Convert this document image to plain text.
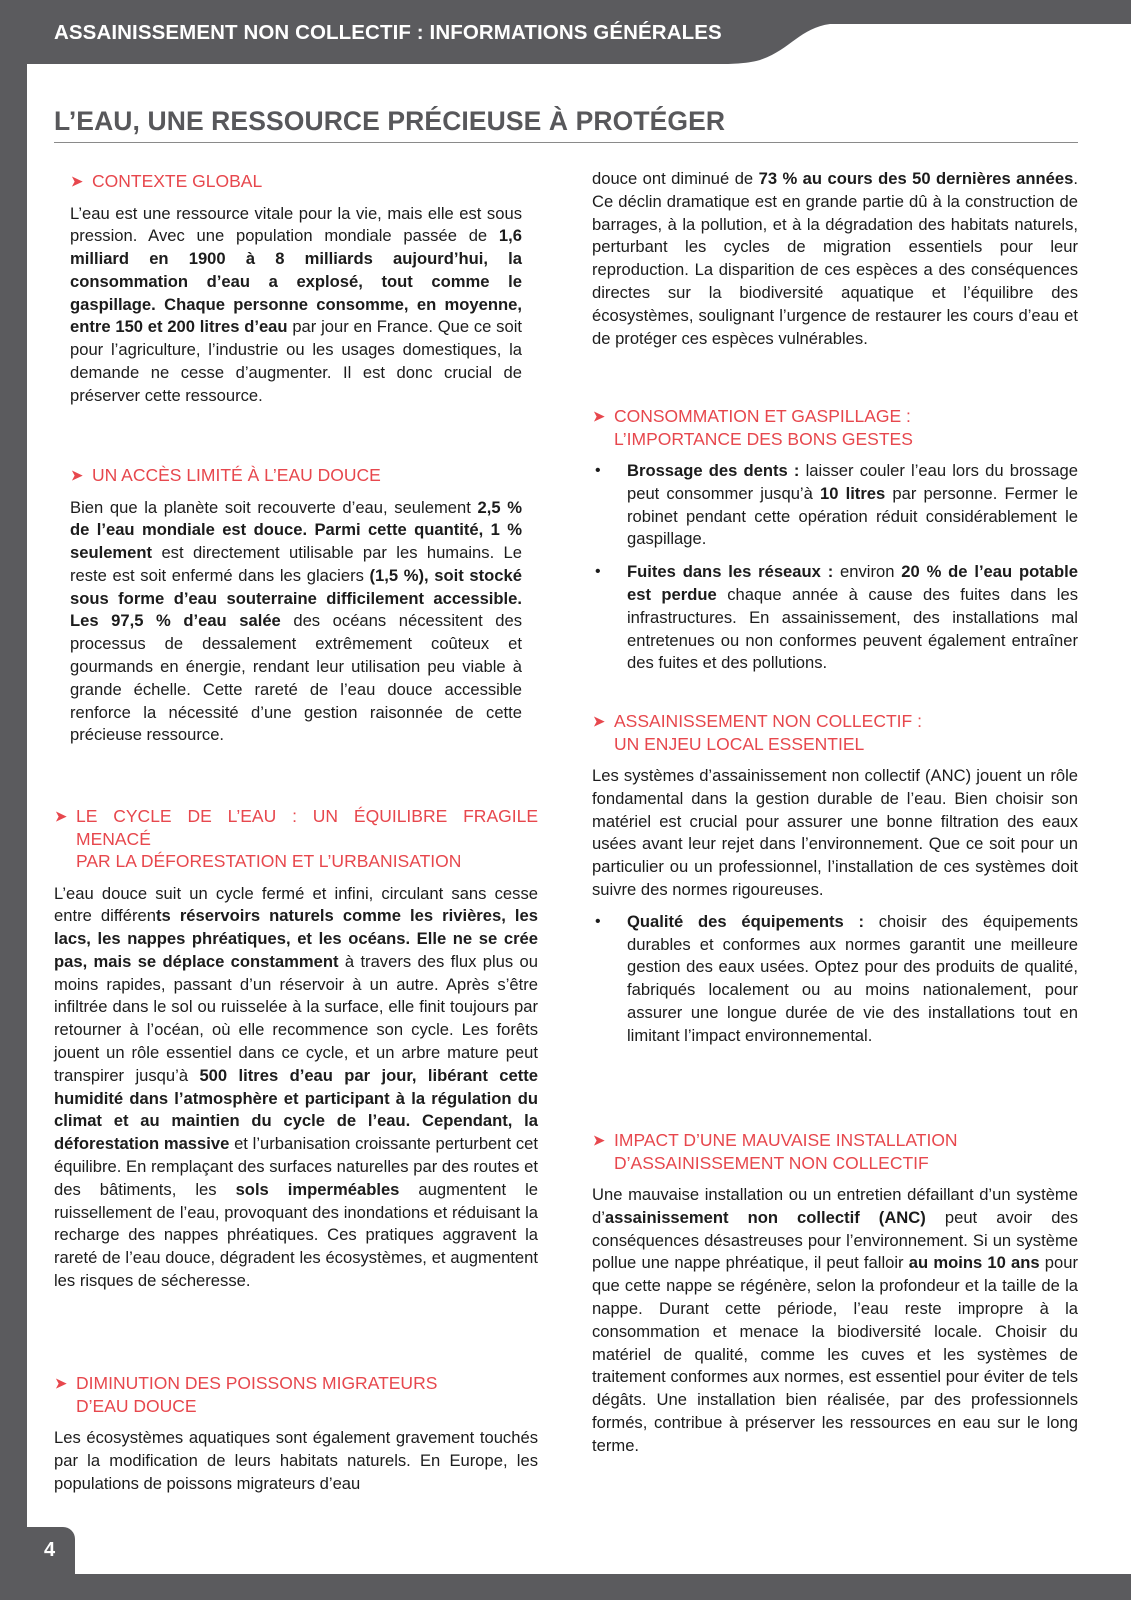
ASSAINISSEMENT NON COLLECTIF : INFORMATIONS GÉNÉRALES
L’EAU, UNE RESSOURCE PRÉCIEUSE À PROTÉGER
➤ CONTEXTE GLOBAL

L’eau est une ressource vitale pour la vie, mais elle est sous pression. Avec une population mondiale passée de 1,6 milliard en 1900 à 8 milliards aujourd’hui, la consommation d’eau a explosé, tout comme le gaspillage. Chaque personne consomme, en moyenne, entre 150 et 200 litres d’eau par jour en France. Que ce soit pour l’agriculture, l’industrie ou les usages domestiques, la demande ne cesse d’augmenter. Il est donc crucial de préserver cette ressource.

➤ UN ACCÈS LIMITÉ À L’EAU DOUCE

Bien que la planète soit recouverte d’eau, seulement 2,5 % de l’eau mondiale est douce. Parmi cette quantité, 1 % seulement est directement utilisable par les humains. Le reste est soit enfermé dans les glaciers (1,5 %), soit stocké sous forme d’eau souterraine difficilement accessible. Les 97,5 % d’eau salée des océans nécessitent des processus de dessalement extrêmement coûteux et gourmands en énergie, rendant leur utilisation peu viable à grande échelle. Cette rareté de l’eau douce accessible renforce la nécessité d’une gestion raisonnée de cette précieuse ressource.

➤ LE CYCLE DE L’EAU : UN ÉQUILIBRE FRAGILE MENACÉ
PAR LA DÉFORESTATION ET L’URBANISATION

L’eau douce suit un cycle fermé et infini, circulant sans cesse entre différents réservoirs naturels comme les rivières, les lacs, les nappes phréatiques, et les océans. Elle ne se crée pas, mais se déplace constamment à travers des flux plus ou moins rapides, passant d’un réservoir à un autre. Après s’être infiltrée dans le sol ou ruisselée à la surface, elle finit toujours par retourner à l’océan, où elle recommence son cycle. Les forêts jouent un rôle essentiel dans ce cycle, et un arbre mature peut transpirer jusqu’à 500 litres d’eau par jour, libérant cette humidité dans l’atmosphère et participant à la régulation du climat et au maintien du cycle de l’eau. Cependant, la déforestation massive et l’urbanisation croissante perturbent cet équilibre. En remplaçant des surfaces naturelles par des routes et des bâtiments, les sols imperméables augmentent le ruissellement de l’eau, provoquant des inondations et réduisant la recharge des nappes phréatiques. Ces pratiques aggravent la rareté de l’eau douce, dégradent les écosystèmes, et augmentent les risques de sécheresse.

➤ DIMINUTION DES POISSONS MIGRATEURS
D’EAU DOUCE

Les écosystèmes aquatiques sont également gravement touchés par la modification de leurs habitats naturels. En Europe, les populations de poissons migrateurs d’eau

douce ont diminué de 73 % au cours des 50 dernières années. Ce déclin dramatique est en grande partie dû à la construction de barrages, à la pollution, et à la dégradation des habitats naturels, perturbant les cycles de migration essentiels pour leur reproduction. La disparition de ces espèces a des conséquences directes sur la biodiversité aquatique et l’équilibre des écosystèmes, soulignant l’urgence de restaurer les cours d’eau et de protéger ces espèces vulnérables.

➤ CONSOMMATION ET GASPILLAGE :
L’IMPORTANCE DES BONS GESTES
• Brossage des dents : laisser couler l’eau lors du brossage peut consommer jusqu’à 10 litres par personne. Fermer le robinet pendant cette opération réduit considérablement le gaspillage.
• Fuites dans les réseaux : environ 20 % de l’eau potable est perdue chaque année à cause des fuites dans les infrastructures. En assainissement, des installations mal entretenues ou non conformes peuvent également entraîner des fuites et des pollutions.
➤ ASSAINISSEMENT NON COLLECTIF :
UN ENJEU LOCAL ESSENTIEL

Les systèmes d’assainissement non collectif (ANC) jouent un rôle fondamental dans la gestion durable de l’eau. Bien choisir son matériel est crucial pour assurer une bonne filtration des eaux usées avant leur rejet dans l’environnement. Que ce soit pour un particulier ou un professionnel, l’installation de ces systèmes doit suivre des normes rigoureuses.

• Qualité des équipements : choisir des équipements durables et conformes aux normes garantit une meilleure gestion des eaux usées. Optez pour des produits de qualité, fabriqués localement ou au moins nationalement, pour assurer une longue durée de vie des installations tout en limitant l’impact environnemental.
➤ IMPACT D’UNE MAUVAISE INSTALLATION
D’ASSAINISSEMENT NON COLLECTIF

Une mauvaise installation ou un entretien défaillant d’un système d’assainissement non collectif (ANC) peut avoir des conséquences désastreuses pour l’environnement. Si un système pollue une nappe phréatique, il peut falloir au moins 10 ans pour que cette nappe se régénère, selon la profondeur et la taille de la nappe. Durant cette période, l’eau reste impropre à la consommation et menace la biodiversité locale. Choisir du matériel de qualité, comme les cuves et les systèmes de traitement conformes aux normes, est essentiel pour éviter de tels dégâts. Une installation bien réalisée, par des professionnels formés, contribue à préserver les ressources en eau sur le long terme.

4
